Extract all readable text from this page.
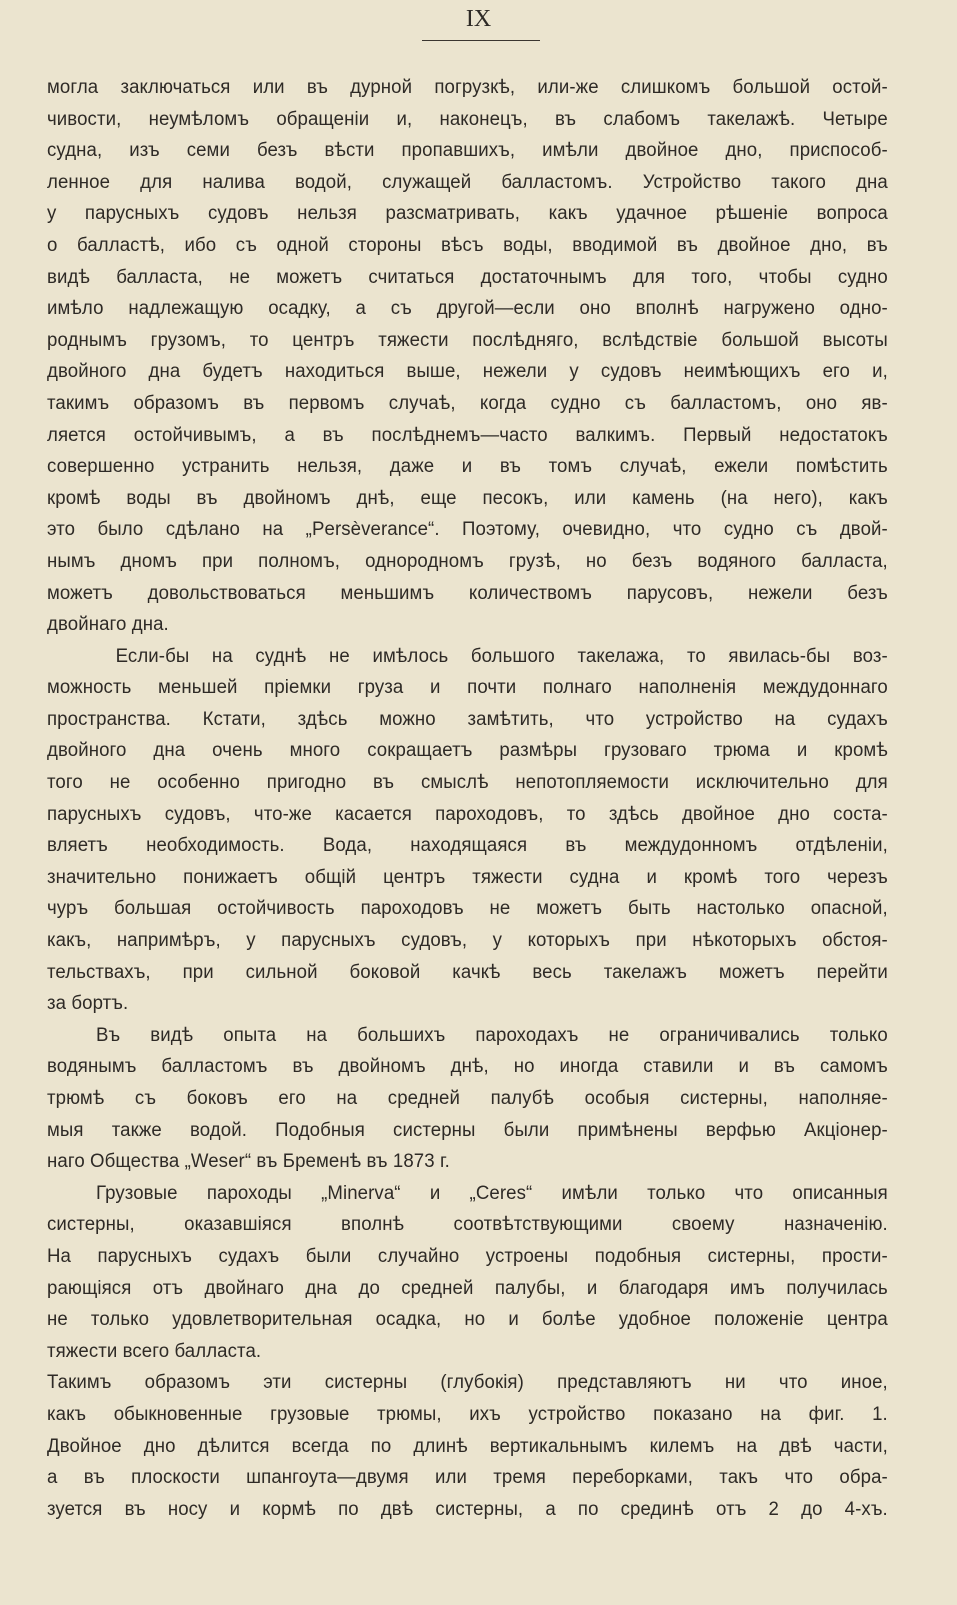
IX
могла заключаться или въ дурной погрузкѣ, или-же слишкомъ большой остой-
чивости, неумѣломъ обращенiи и, наконецъ, въ слабомъ такелажѣ. Четыре
судна, изъ семи безъ вѣсти пропавшихъ, имѣли двойное дно, приспособ-
ленное для налива водой, служащей балластомъ. Устройство такого дна
у парусныхъ судовъ нельзя разсматривать, какъ удачное рѣшенiе вопроса
о балластѣ, ибо съ одной стороны вѣсъ воды, вводимой въ двойное дно, въ
видѣ балласта, не можетъ считаться достаточнымъ для того, чтобы судно
имѣло надлежащую осадку, а съ другой—если оно вполнѣ нагружено одно-
роднымъ грузомъ, то центръ тяжести послѣдняго, вслѣдствiе большой высоты
двойного дна будетъ находиться выше, нежели у судовъ неимѣющихъ его и,
такимъ образомъ въ первомъ случаѣ, когда судно съ балластомъ, оно яв-
ляется остойчивымъ, а въ послѣднемъ—часто валкимъ. Первый недостатокъ
совершенно устранить нельзя, даже и въ томъ случаѣ, ежели помѣстить
кромѣ воды въ двойномъ днѣ, еще песокъ, или камень (на него), какъ
это было сдѣлано на „Persèverance“. Поэтому, очевидно, что судно съ двой-
нымъ дномъ при полномъ, однородномъ грузѣ, но безъ водяного балласта,
можетъ довольствоваться меньшимъ количествомъ парусовъ, нежели безъ
двойнаго дна.
Если-бы на суднѣ не имѣлось большого такелажа, то явилась-бы воз-
можность меньшей прiемки груза и почти полнаго наполненiя междудоннаго
пространства. Кстати, здѣсь можно замѣтить, что устройство на судахъ
двойного дна очень много сокращаетъ размѣры грузоваго трюма и кромѣ
того не особенно пригодно въ смыслѣ непотопляемости исключительно для
парусныхъ судовъ, что-же касается пароходовъ, то здѣсь двойное дно соста-
вляетъ необходимость. Вода, находящаяся въ междудонномъ отдѣленiи,
значительно понижаетъ общiй центръ тяжести судна и кромѣ того черезъ
чуръ большая остойчивость пароходовъ не можетъ быть настолько опасной,
какъ, напримѣръ, у парусныхъ судовъ, у которыхъ при нѣкоторыхъ обстоя-
тельствахъ, при сильной боковой качкѣ весь такелажъ можетъ перейти
за бортъ.
Въ видѣ опыта на большихъ пароходахъ не ограничивались только
водянымъ балластомъ въ двойномъ днѣ, но иногда ставили и въ самомъ
трюмѣ съ боковъ его на средней палубѣ особыя систерны, наполняе-
мыя также водой. Подобныя систерны были примѣнены верфью Акцiонер-
наго Общества „Weser“ въ Бременѣ въ 1873 г.
Грузовые пароходы „Minerva“ и „Ceres“ имѣли только что описанныя
систерны, оказавшiяся вполнѣ соотвѣтствующими своему назначенiю.
На парусныхъ судахъ были случайно устроены подобныя систерны, прости-
рающiяся отъ двойнаго дна до средней палубы, и благодаря имъ получилась
не только удовлетворительная осадка, но и болѣе удобное положенiе центра
тяжести всего балласта.
Такимъ образомъ эти систерны (глубокiя) представляютъ ни что иное,
какъ обыкновенные грузовые трюмы, ихъ устройство показано на фиг. 1.
Двойное дно дѣлится всегда по длинѣ вертикальнымъ килемъ на двѣ части,
а въ плоскости шпангоута—двумя или тремя переборками, такъ что обра-
зуется въ носу и кормѣ по двѣ систерны, а по срединѣ отъ 2 до 4-хъ.
